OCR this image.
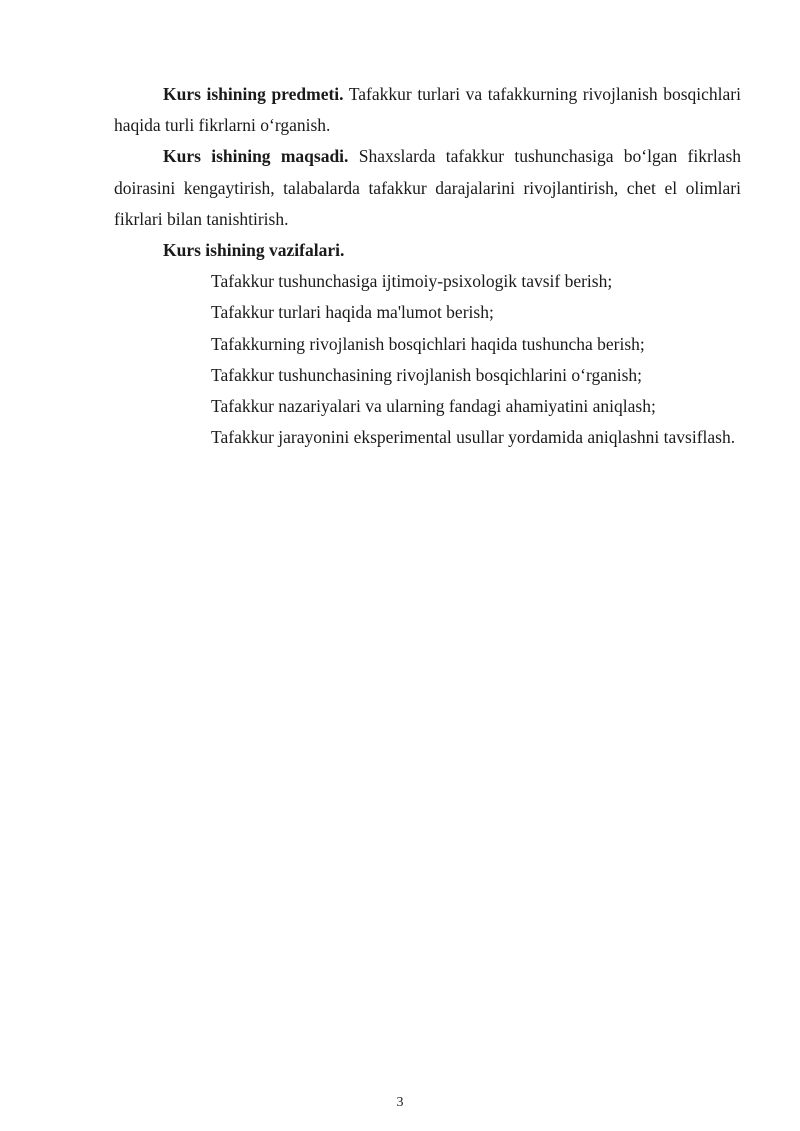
Kurs ishining predmeti. Tafakkur turlari va tafakkurning rivojlanish bosqichlari haqida turli fikrlarni o‘rganish.

Kurs ishining maqsadi. Shaxslarda tafakkur tushunchasiga bo‘lgan fikrlash doirasini kengaytirish, talabalarda tafakkur darajalarini rivojlantirish, chet el olimlari fikrlari bilan tanishtirish.

Kurs ishining vazifalari.

Tafakkur tushunchasiga ijtimoiy-psixologik tavsif berish;
Tafakkur turlari haqida ma'lumot berish;
Tafakkurning rivojlanish bosqichlari haqida tushuncha berish;
Tafakkur tushunchasining rivojlanish bosqichlarini o‘rganish;
Tafakkur nazariyalari va ularning fandagi ahamiyatini aniqlash;
Tafakkur jarayonini eksperimental usullar yordamida aniqlashni tavsiflash.
3
